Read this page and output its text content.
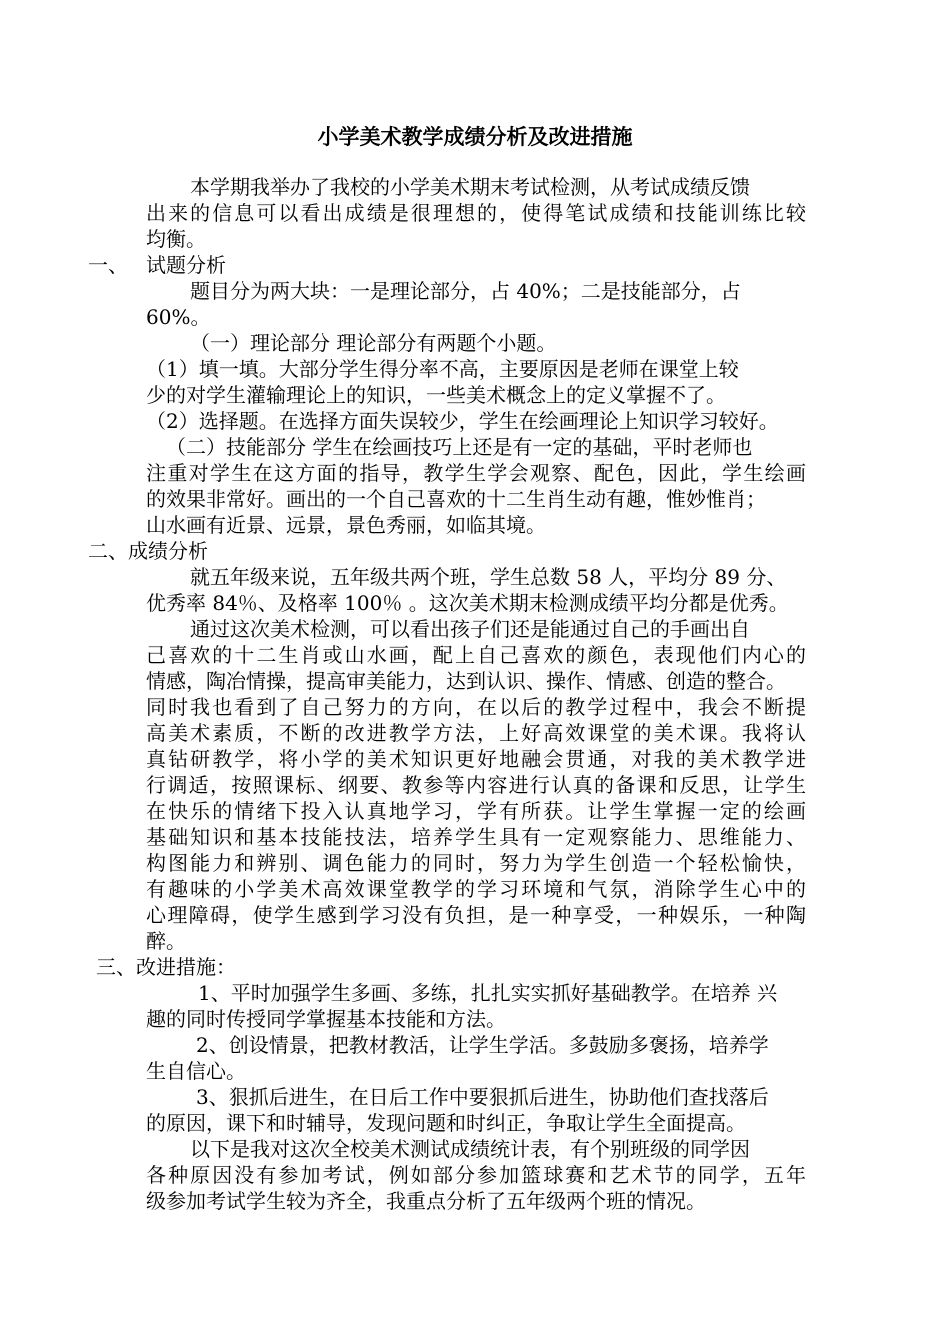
小学美术教学成绩分析及改进措施
本学期我举办了我校的小学美术期末考试检测，从考试成绩反馈
出来的信息可以看出成绩是很理想的，使得笔试成绩和技能训练比较
均衡。
一、 试题分析
题目分为两大块：一是理论部分，占 40%；二是技能部分，占
60%。
（一）理论部分 理论部分有两题个小题。
（1）填一填。大部分学生得分率不高，主要原因是老师在课堂上较
少的对学生灌输理论上的知识，一些美术概念上的定义掌握不了。
（2）选择题。在选择方面失误较少，学生在绘画理论上知识学习较好。
（二）技能部分 学生在绘画技巧上还是有一定的基础，平时老师也
注重对学生在这方面的指导，教学生学会观察、配色，因此，学生绘画
的效果非常好。画出的一个自己喜欢的十二生肖生动有趣，惟妙惟肖；
山水画有近景、远景，景色秀丽，如临其境。
二、成绩分析
就五年级来说，五年级共两个班，学生总数 58 人，平均分 89 分、
优秀率 84％、及格率 100％ 。这次美术期末检测成绩平均分都是优秀。
通过这次美术检测，可以看出孩子们还是能通过自己的手画出自
己喜欢的十二生肖或山水画，配上自己喜欢的颜色，表现他们内心的
情感，陶冶情操，提高审美能力，达到认识、操作、情感、创造的整合。
同时我也看到了自己努力的方向，在以后的教学过程中，我会不断提
高美术素质，不断的改进教学方法，上好高效课堂的美术课。我将认
真钻研教学，将小学的美术知识更好地融会贯通，对我的美术教学进
行调适，按照课标、纲要、教参等内容进行认真的备课和反思，让学生
在快乐的情绪下投入认真地学习，学有所获。让学生掌握一定的绘画
基础知识和基本技能技法，培养学生具有一定观察能力、思维能力、
构图能力和辨别、调色能力的同时，努力为学生创造一个轻松愉快，
有趣味的小学美术高效课堂教学的学习环境和气氛，消除学生心中的
心理障碍，使学生感到学习没有负担，是一种享受，一种娱乐，一种陶
醉。
三、改进措施：
1、平时加强学生多画、多练，扎扎实实抓好基础教学。在培养 兴
趣的同时传授同学掌握基本技能和方法。
2、创设情景，把教材教活，让学生学活。多鼓励多褒扬，培养学
生自信心。
3、狠抓后进生，在日后工作中要狠抓后进生，协助他们查找落后
的原因，课下和时辅导，发现问题和时纠正，争取让学生全面提高。
以下是我对这次全校美术测试成绩统计表，有个别班级的同学因
各种原因没有参加考试，例如部分参加篮球赛和艺术节的同学，五年
级参加考试学生较为齐全，我重点分析了五年级两个班的情况。
